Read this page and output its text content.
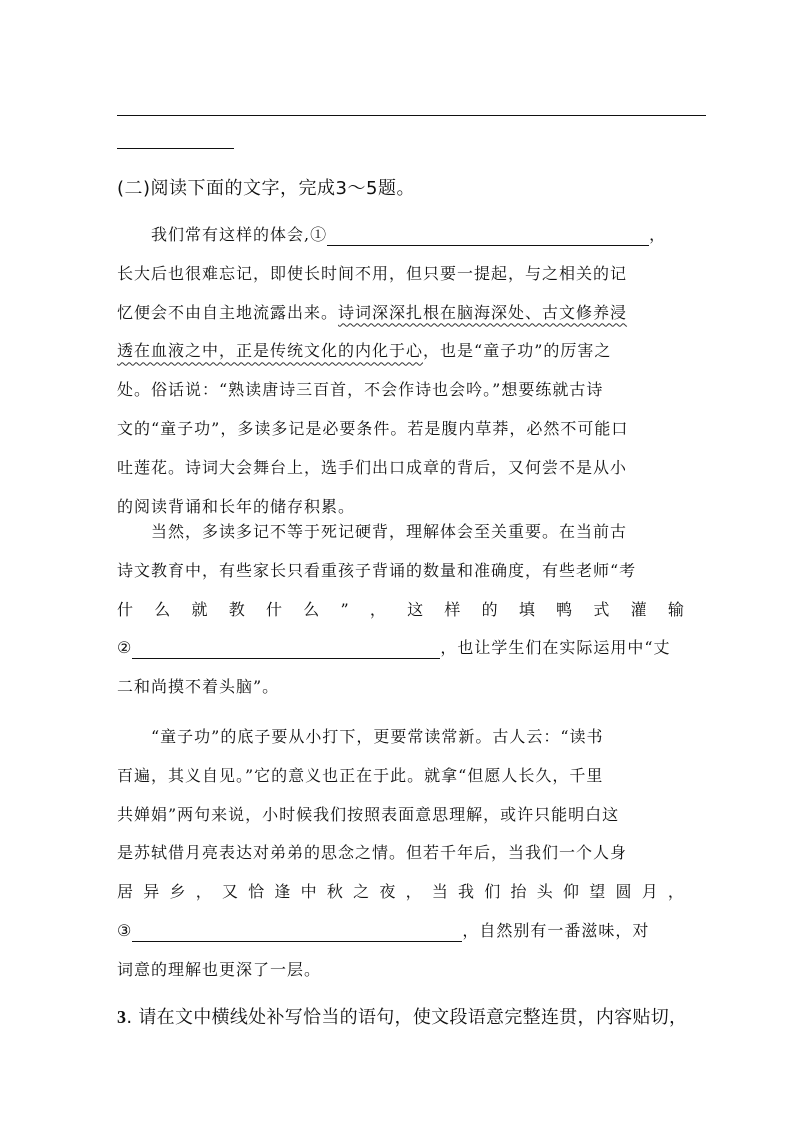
(二)阅读下面的文字，完成3～5题。
我们常有这样的体会,①	，
长大后也很难忘记，即使长时间不用，但只要一提起，与之相关的记
忆便会不由自主地流露出来。诗词深深扎根在脑海深处、古文修养浸
透在血液之中，正是传统文化的内化于心，也是“童子功”的厉害之
处。俗话说：“熟读唐诗三百首，不会作诗也会吟。”想要练就古诗
文的“童子功”，多读多记是必要条件。若是腹内草莽，必然不可能口
吐莲花。诗词大会舞台上，选手们出口成章的背后，又何尝不是从小
的阅读背诵和长年的储存积累。
当然，多读多记不等于死记硬背，理解体会至关重要。在当前古
诗文教育中，有些家长只看重孩子背诵的数量和准确度，有些老师“考
什 么 就 教 什 么 ” ， 这 样 的 填 鸭 式 灌 输
②	，也让学生们在实际运用中“丈
二和尚摸不着头脑”。
“童子功”的底子要从小打下，更要常读常新。古人云：“读书
百遍，其义自见。”它的意义也正在于此。就拿“但愿人长久，千里
共婵娟”两句来说，小时候我们按照表面意思理解，或许只能明白这
是苏轼借月亮表达对弟弟的思念之情。但若千年后，当我们一个人身
居 异 乡 ， 又 恰 逢 中 秋 之 夜 ， 当 我 们 抬 头 仰 望 圆 月 ，
③	，自然别有一番滋味，对
词意的理解也更深了一层。
3. 请在文中横线处补写恰当的语句，使文段语意完整连贯，内容贴切，
